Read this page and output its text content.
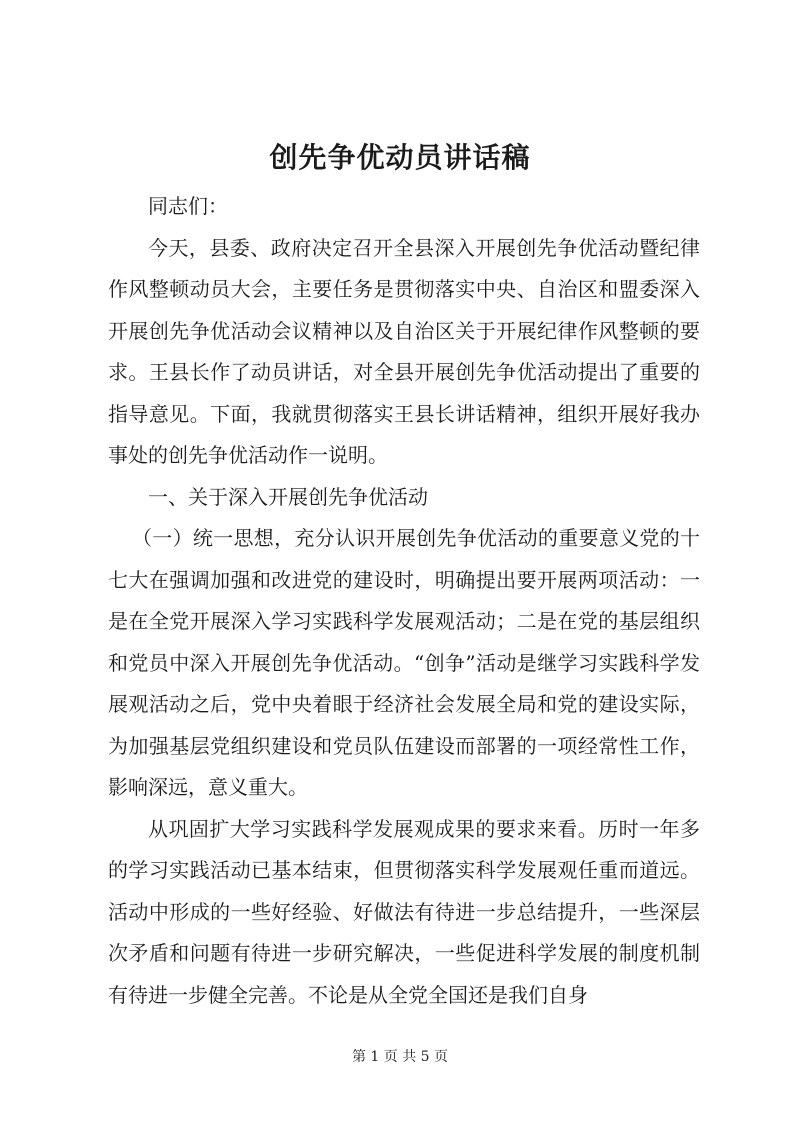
创先争优动员讲话稿

同志们：

今天，县委、政府决定召开全县深入开展创先争优活动暨纪律作风整顿动员大会，主要任务是贯彻落实中央、自治区和盟委深入开展创先争优活动会议精神以及自治区关于开展纪律作风整顿的要求。王县长作了动员讲话，对全县开展创先争优活动提出了重要的指导意见。下面，我就贯彻落实王县长讲话精神，组织开展好我办事处的创先争优活动作一说明。

一、关于深入开展创先争优活动

（一）统一思想，充分认识开展创先争优活动的重要意义党的十七大在强调加强和改进党的建设时，明确提出要开展两项活动：一是在全党开展深入学习实践科学发展观活动；二是在党的基层组织和党员中深入开展创先争优活动。“创争”活动是继学习实践科学发展观活动之后，党中央着眼于经济社会发展全局和党的建设实际，为加强基层党组织建设和党员队伍建设而部署的一项经常性工作，影响深远，意义重大。

从巩固扩大学习实践科学发展观成果的要求来看。历时一年多的学习实践活动已基本结束，但贯彻落实科学发展观任重而道远。活动中形成的一些好经验、好做法有待进一步总结提升，一些深层次矛盾和问题有待进一步研究解决，一些促进科学发展的制度机制有待进一步健全完善。不论是从全党全国还是我们自身

第 1 页 共 5 页
